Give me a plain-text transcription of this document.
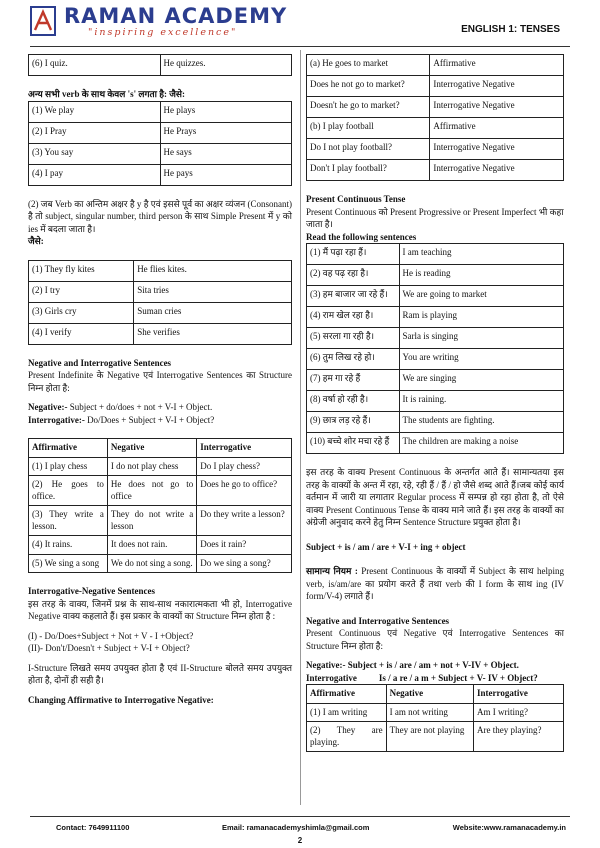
RAMAN ACADEMY
"inspiring excellence"	ENGLISH 1: TENSES
(6) I quiz.	He quizzes.

अन्य सभी verb के साथ केवल 's' लगता है: जैसे:

(1) We play	He plays
(2) I Pray	He Prays
(3) You say	He says
(4) I pay	He pays

(2) जब Verb का अन्तिम अक्षर है y है एवं इससे पूर्व का अक्षर व्यंजन (Consonant) है तो subject, singular number, third person के साथ Simple Present में y को ies में बदला जाता है।

जैसे:

(1) They fly kites	He flies kites.
(2) I try	Sita tries
(3) Girls cry	Suman cries
(4) I verify	She verifies

Negative and Interrogative Sentences

Present Indefinite के Negative एवं Interrogative Sentences का Structure निम्न होता है:

Negative:- Subject + do/does + not + V-I + Object.

Interrogative:- Do/Does + Subject + V-I + Object?

Affirmative	Negative	Interrogative
(1) I play chess	I do not play chess	Do I play chess?
(2) He goes to office.	He does not go to office	Does he go to office?
(3) They write a lesson.	They do not write a lesson	Do they write a lesson?
(4) It rains.	It does not rain.	Does it rain?
(5) We sing a song	We do not sing a song.	Do we sing a song?

Interrogative-Negative Sentences

इस तरह के वाक्य, जिनमें प्रश्न के साथ-साथ नकारात्मकता भी हो, Interrogative Negative वाक्य कहलाते हैं। इस प्रकार के वाक्यों का Structure निम्न होता है :

(I) - Do/Does+Subject + Not + V - I +Object?

(II)- Don't/Doesn't + Subject + V-I + Object?

I-Structure लिखते समय उपयुक्त होता है एवं II-Structure बोलते समय उपयुक्त होता है, दोनों ही सही है।

Changing Affirmative to Interrogative Negative:

(a) He goes to market	Affirmative
Does he not go to market?	Interrogative Negative
Doesn't he go to market?	Interrogative Negative
(b) I play football	Affirmative
Do I not play football?	Interrogative Negative
Don't I play football?	Interrogative Negative

Present Continuous Tense

Present Continuous को Present Progressive or Present Imperfect भी कहा जाता है।

Read the following sentences

(1) मैं पढ़ा रहा हैं।	I am teaching
(2) वह पढ़ रहा है।	He is reading
(3) हम बाजार जा रहे हैं।	We are going to market
(4) राम खेल रहा है।	Ram is playing
(5) सरला गा रही है।	Sarla is singing
(6) तुम लिख रहे हो।	You are writing
(7) हम गा रहे हैं	We are singing
(8) वर्षा हो रही है।	It is raining.
(9) छात्र लड़ रहे हैं।	The students are fighting.
(10) बच्चे शोर मचा रहे हैं	The children are making a noise

इस तरह के वाक्य Present Continuous के अन्तर्गत आते हैं। सामान्यतया इस तरह के वाक्यों के अन्त में रहा, रहे, रही हैं / हैं / हो जैसे शब्द आते हैं।जब कोई कार्य वर्तमान में जारी या लगातार Regular process में सम्पन्न हो रहा होता है, तो ऐसे वाक्य Present Continuous Tense के वाक्य माने जाते हैं। इस तरह के वाक्यों का अंग्रेजी अनुवाद करने हेतु निम्न Sentence Structure प्रयुक्त होता है।

Subject + is / am / are + V-I + ing + object

सामान्य नियम : Present Continuous के वाक्यों में Subject के साथ helping verb, is/am/are का प्रयोग करते हैं तथा verb की I form के साथ ing (IV form/V-4) लगाते हैं।

Negative and Interrogative Sentences

Present Continuous एवं Negative एवं Interrogative Sentences का Structure निम्न होता है:

Negative:- Subject + is / are / am + not + V-IV + Object.

Interrogative Is / a re / a m + Subject + V- IV + Object?

Affirmative	Negative	Interrogative
(1) I am writing	I am not writing	Am I writing?
(2) They are playing.	They are not playing	Are they playing?
Contact: 7649911100	Email: ramanacademyshimla@gmail.com	Website:www.ramanacademy.in
2
